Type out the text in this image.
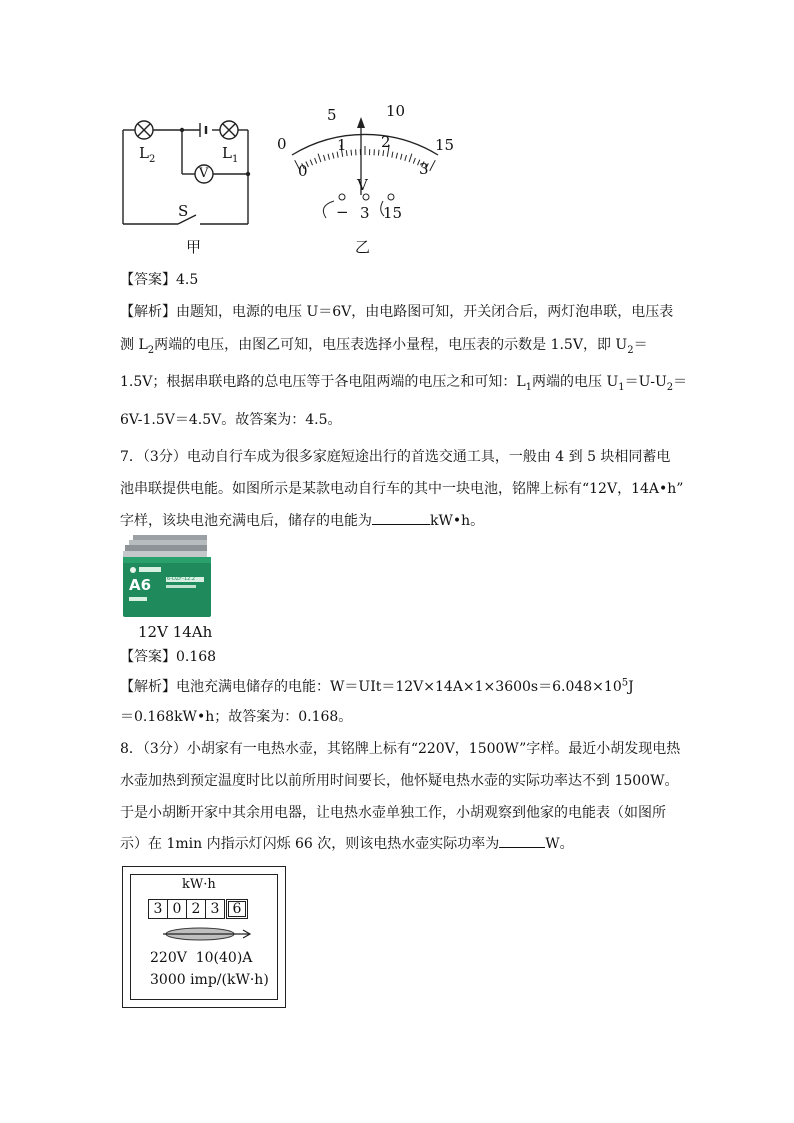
$L_2$	$L_1$
V
S
甲
0
5	10
15
0
1 2
3
V
− 3 15
乙
【答案】4.5
【解析】由题知，电源的电压 U＝6V，由电路图可知，开关闭合后，两灯泡串联，电压表
测 $L_2$两端的电压，由图乙可知，电压表选择小量程，电压表的示数是 1.5V，即 $U_2=$
1.5V；根据串联电路的总电压等于各电阻两端的电压之和可知：$L_1$两端的电压 $U_1=U-U_2=$
6V-1.5V＝4.5V。故答案为：4.5。
7．（3分）电动自行车成为很多家庭短途出行的首选交通工具，一般由 4 到 5 块相同蓄电
池串联提供电能。如图所示是某款电动自行车的其中一块电池，铭牌上标有“12V，14A•h”
字样，该块电池充满电后，储存的电能为	kW•h。
A6	6-DZF-12.2
12V 14Ah
【答案】0.168
【解析】电池充满电储存的电能：$W=UIt=12V\times 14A\times 1\times 3600s=6.048\times 10^5J$
＝0.168kW•h；故答案为：0.168。
8．（3分）小胡家有一电热水壶，其铭牌上标有“220V，1500W”字样。最近小胡发现电热
水壶加热到预定温度时比以前所用时间要长，他怀疑电热水壶的实际功率达不到 1500W。
于是小胡断开家中其余用电器，让电热水壶单独工作，小胡观察到他家的电能表（如图所
示）在 1min 内指示灯闪烁 66 次，则该电热水壶实际功率为	W。
kW·h
3 0 2 3 6
220V  10(40)A
3000 imp/(kW·h)
